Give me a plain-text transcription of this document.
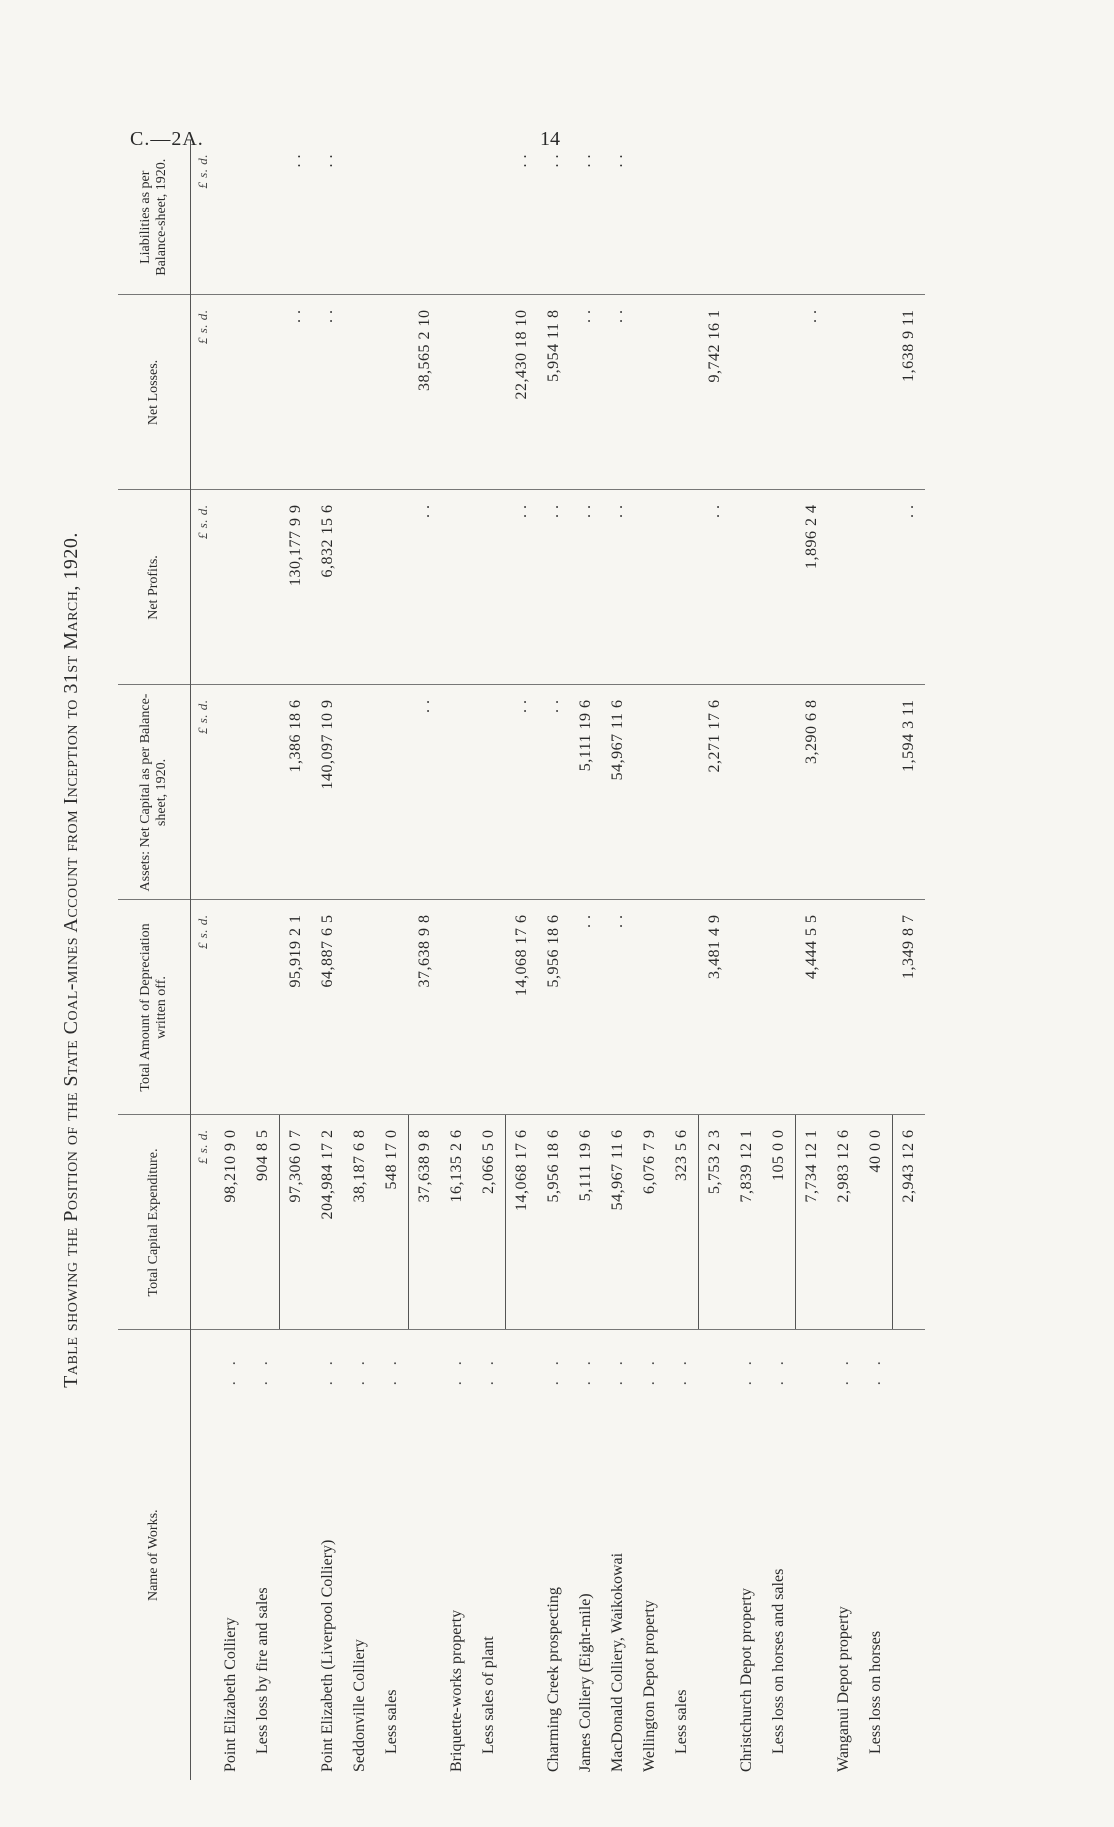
C.—2A.	14
Table showing the Position of the State Coal-mines Account from Inception to 31st March, 1920.
Name of Works.		Total Capital Expenditure.	Total Amount of Depreciation written off.	Assets: Net Capital as per Balance-sheet, 1920.	Net Profits.	Net Losses.	Liabilities as per Balance-sheet, 1920.
		£ s. d.	£ s. d.	£ s. d.	£ s. d.	£ s. d.	£ s. d.
Point Elizabeth Colliery	. .	98,210 9 0					
Less loss by fire and sales	. .	904 8 5					
		97,306 0 7	95,919 2 1	1,386 18 6	130,177 9 9	. .	. .
Point Elizabeth (Liverpool Colliery)	. .	204,984 17 2	64,887 6 5	140,097 10 9	6,832 15 6	. .	. .
Seddonville Colliery	. .	38,187 6 8					
Less sales	. .	548 17 0					
		37,638 9 8	37,638 9 8	. .	. .	38,565 2 10	
Briquette-works property	. .	16,135 2 6					
Less sales of plant	. .	2,066 5 0					
		14,068 17 6	14,068 17 6	. .	. .	22,430 18 10	. .
Charming Creek prospecting	. .	5,956 18 6	5,956 18 6	. .	. .	5,954 11 8	. .
James Colliery (Eight-mile)	. .	5,111 19 6	. .	5,111 19 6	. .	. .	. .
MacDonald Colliery, Waikokowai	. .	54,967 11 6	. .	54,967 11 6	. .	. .	. .
Wellington Depot property	. .	6,076 7 9					
Less sales	. .	323 5 6					
		5,753 2 3	3,481 4 9	2,271 17 6	. .	9,742 16 1	
Christchurch Depot property	. .	7,839 12 1					
Less loss on horses and sales	. .	105 0 0					
		7,734 12 1	4,444 5 5	3,290 6 8	1,896 2 4	. .	
Wanganui Depot property	. .	2,983 12 6					
Less loss on horses	. .	40 0 0					
		2,943 12 6	1,349 8 7	1,594 3 11	. .	1,638 9 11	
